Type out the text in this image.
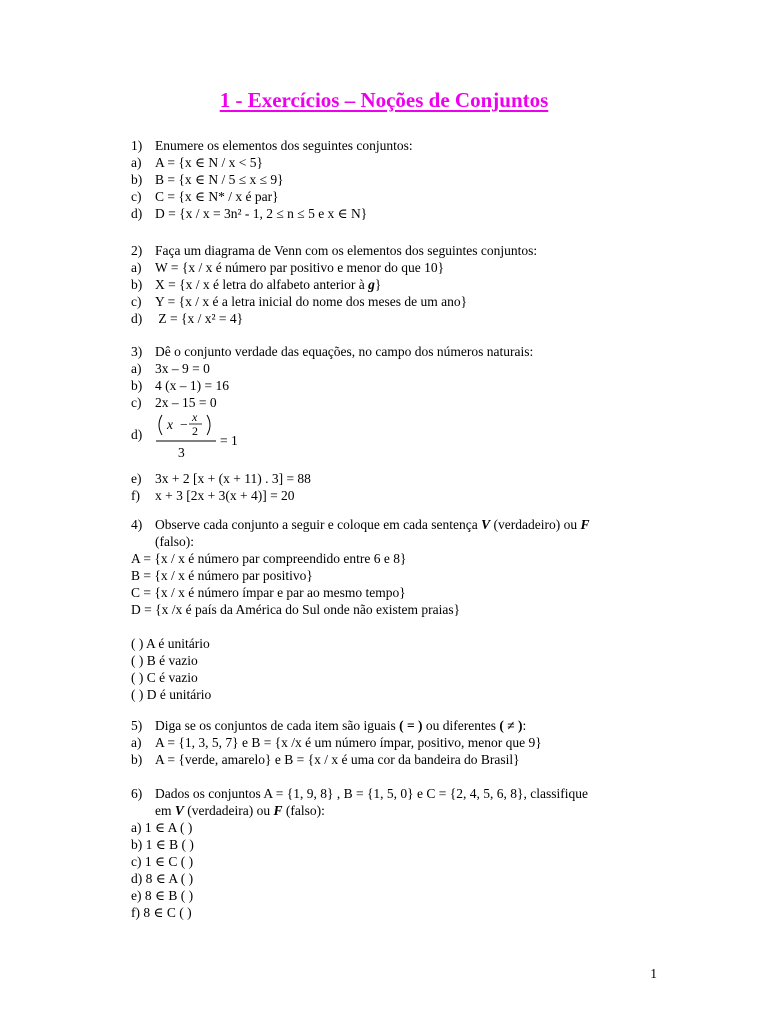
1 - Exercícios – Noções de Conjuntos
1) Enumere os elementos dos seguintes conjuntos:
a) A = {x ∈ N / x < 5}
b) B = {x ∈ N / 5 ≤ x ≤ 9}
c) C = {x ∈ N* / x é par}
d) D = {x / x = 3n² - 1, 2 ≤ n ≤ 5 e x ∈ N}
2) Faça um diagrama de Venn com os elementos dos seguintes conjuntos:
a) W = {x / x é número par positivo e menor do que 10}
b) X = {x / x é letra do alfabeto anterior à g}
c) Y = {x / x é a letra inicial do nome dos meses de um ano}
d) Z = {x / x² = 4}
3) Dê o conjunto verdade das equações, no campo dos números naturais:
a) 3x – 9 = 0
b) 4 (x – 1) = 16
c) 2x – 15 = 0
d)
x − x
2
3
= 1
e) 3x + 2 [x + (x + 11) . 3] = 88
f) x + 3 [2x + 3(x + 4)] = 20
4) Observe cada conjunto a seguir e coloque em cada sentença V (verdadeiro) ou F
(falso):
A = {x / x é número par compreendido entre 6 e 8}
B = {x / x é número par positivo}
C = {x / x é número ímpar e par ao mesmo tempo}
D = {x /x é país da América do Sul onde não existem praias}
( ) A é unitário
( ) B é vazio
( ) C é vazio
( ) D é unitário
5) Diga se os conjuntos de cada item são iguais ( = ) ou diferentes ( ≠ ):
a) A = {1, 3, 5, 7} e B = {x /x é um número ímpar, positivo, menor que 9}
b) A = {verde, amarelo} e B = {x / x é uma cor da bandeira do Brasil}
6) Dados os conjuntos A = {1, 9, 8} , B = {1, 5, 0} e C = {2, 4, 5, 6, 8}, classifique
em V (verdadeira) ou F (falso):
a) 1 ∈ A ( )
b) 1 ∈ B ( )
c) 1 ∈ C ( )
d) 8 ∈ A ( )
e) 8 ∈ B ( )
f) 8 ∈ C ( )
1
